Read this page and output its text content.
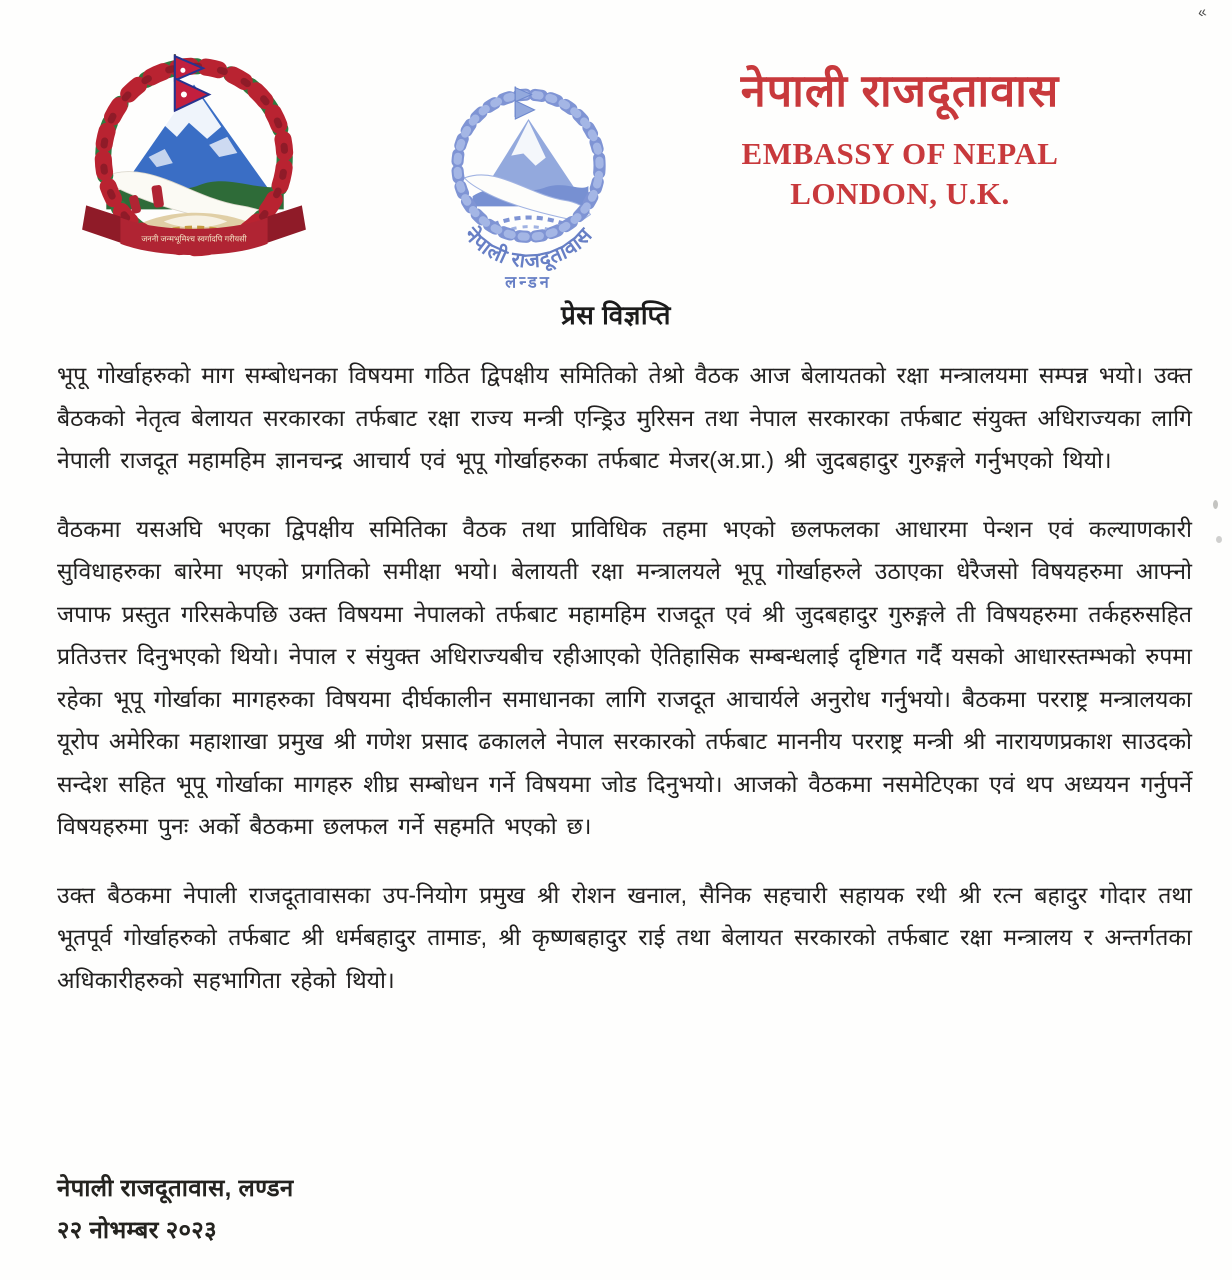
जननी जन्मभूमिश्च स्वर्गादपि गरीयसी	नेपाली राजदूतावास
लन्डन
नेपाली राजदूतावास
EMBASSY OF NEPAL
LONDON, U.K.
प्रेस विज्ञप्ति

भूपू गोर्खाहरुको माग सम्बोधनका विषयमा गठित द्विपक्षीय समितिको तेश्रो वैठक आज बेलायतको रक्षा मन्त्रालयमा सम्पन्न भयो। उक्त बैठकको नेतृत्व बेलायत सरकारका तर्फबाट रक्षा राज्य मन्त्री एन्ड्रिउ मुरिसन तथा नेपाल सरकारका तर्फबाट संयुक्त अधिराज्यका लागि नेपाली राजदूत महामहिम ज्ञानचन्द्र आचार्य एवं भूपू गोर्खाहरुका तर्फबाट मेजर(अ.प्रा.) श्री जुदबहादुर गुरुङ्गले गर्नुभएको थियो।

वैठकमा यसअघि भएका द्विपक्षीय समितिका वैठक तथा प्राविधिक तहमा भएको छलफलका आधारमा पेन्शन एवं कल्याणकारी सुविधाहरुका बारेमा भएको प्रगतिको समीक्षा भयो। बेलायती रक्षा मन्त्रालयले भूपू गोर्खाहरुले उठाएका धेरैजसो विषयहरुमा आफ्नो जपाफ प्रस्तुत गरिसकेपछि उक्त विषयमा नेपालको तर्फबाट महामहिम राजदूत एवं श्री जुदबहादुर गुरुङ्गले ती विषयहरुमा तर्कहरुसहित प्रतिउत्तर दिनुभएको थियो। नेपाल र संयुक्त अधिराज्यबीच रहीआएको ऐतिहासिक सम्बन्धलाई दृष्टिगत गर्दै यसको आधारस्तम्भको रुपमा रहेका भूपू गोर्खाका मागहरुका विषयमा दीर्घकालीन समाधानका लागि राजदूत आचार्यले अनुरोध गर्नुभयो। बैठकमा परराष्ट्र मन्त्रालयका यूरोप अमेरिका महाशाखा प्रमुख श्री गणेश प्रसाद ढकालले नेपाल सरकारको तर्फबाट माननीय परराष्ट्र मन्त्री श्री नारायणप्रकाश साउदको सन्देश सहित भूपू गोर्खाका मागहरु शीघ्र सम्बोधन गर्ने विषयमा जोड दिनुभयो। आजको वैठकमा नसमेटिएका एवं थप अध्ययन गर्नुपर्ने विषयहरुमा पुनः अर्को बैठकमा छलफल गर्ने सहमति भएको छ।

उक्त बैठकमा नेपाली राजदूतावासका उप-नियोग प्रमुख श्री रोशन खनाल, सैनिक सहचारी सहायक रथी श्री रत्न बहादुर गोदार तथा भूतपूर्व गोर्खाहरुको तर्फबाट श्री धर्मबहादुर तामाङ, श्री कृष्णबहादुर राई तथा बेलायत सरकारको तर्फबाट रक्षा मन्त्रालय र अन्तर्गतका अधिकारीहरुको सहभागिता रहेको थियो।

नेपाली राजदूतावास, लण्डन
२२ नोभम्बर २०२३
«
